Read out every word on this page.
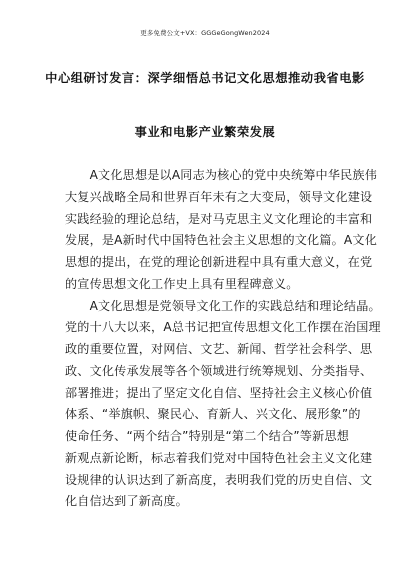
更多免费公文+VX：GGGeGongWen2024
中心组研讨发言：深学细悟总书记文化思想推动我省电影
事业和电影产业繁荣发展
　　A文化思想是以A同志为核心的党中央统筹中华民族伟
大复兴战略全局和世界百年未有之大变局，领导文化建设
实践经验的理论总结，是对马克思主义文化理论的丰富和
发展，是A新时代中国特色社会主义思想的文化篇。A文化
思想的提出，在党的理论创新进程中具有重大意义，在党
的宣传思想文化工作史上具有里程碑意义。
　　A文化思想是党领导文化工作的实践总结和理论结晶。
党的十八大以来，A总书记把宣传思想文化工作摆在治国理
政的重要位置，对网信、文艺、新闻、哲学社会科学、思
政、文化传承发展等各个领域进行统筹规划、分类指导、
部署推进；提出了坚定文化自信、坚持社会主义核心价值
体系、“举旗帜、聚民心、育新人、兴文化、展形象”的
使命任务、“两个结合”特别是“第二个结合”等新思想
新观点新论断，标志着我们党对中国特色社会主义文化建
设规律的认识达到了新高度，表明我们党的历史自信、文
化自信达到了新高度。
